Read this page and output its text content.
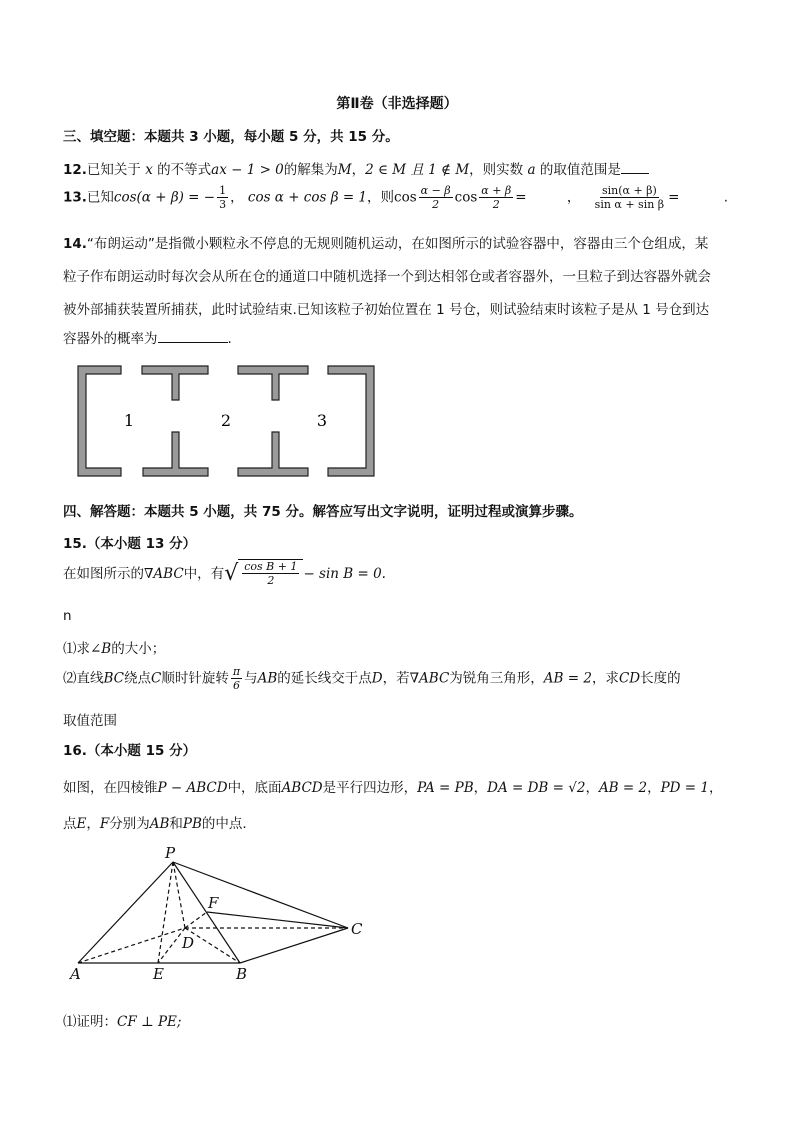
第Ⅱ卷（非选择题）
三、填空题：本题共 3 小题，每小题 5 分，共 15 分。
12.已知关于 x 的不等式ax − 1 > 0的解集为M，2 ∈ M 且 1 ∉ M，则实数 a 的取值范围是
13.已知cos(α + β) = − $\frac{1}{3}$ ， cos α + cos β = 1，则$\cos \frac{\alpha - \beta}{2}$ $\cos \frac{\alpha + \beta}{2}$ =	， $\frac{\sin(\alpha + \beta)}{\text{sin α + sin β}}$ =	.
14.“布朗运动”是指微小颗粒永不停息的无规则随机运动，在如图所示的试验容器中，容器由三个仓组成，某
粒子作布朗运动时每次会从所在仓的通道口中随机选择一个到达相邻仓或者容器外，一旦粒子到达容器外就会
被外部捕获装置所捕获，此时试验结束.已知该粒子初始位置在 1 号仓，则试验结束时该粒子是从 1 号仓到达
容器外的概率为	.
1	2	3
四、解答题：本题共 5 小题，共 75 分。解答应写出文字说明，证明过程或演算步骤。
15.（本小题 13 分）
在如图所示的∇ABC中，有 √ $\frac{\text{cos B + 1}}{2} - \sin B = 0$.
n
⑴求∠B的大小；
⑵直线BC绕点C顺时针旋转 $\frac{\pi}{6}$ 与AB的延长线交于点D，若∇ABC为锐角三角形，AB = 2，求CD长度的
取值范围
16.（本小题 15 分）
如图，在四棱锥P − ABCD中，底面ABCD是平行四边形，PA = PB，DA = DB = √2，AB = 2，PD = 1，
点E，F分别为AB和PB的中点.
P
F
D
C
A	E	B
⑴证明：CF ⊥ PE;
